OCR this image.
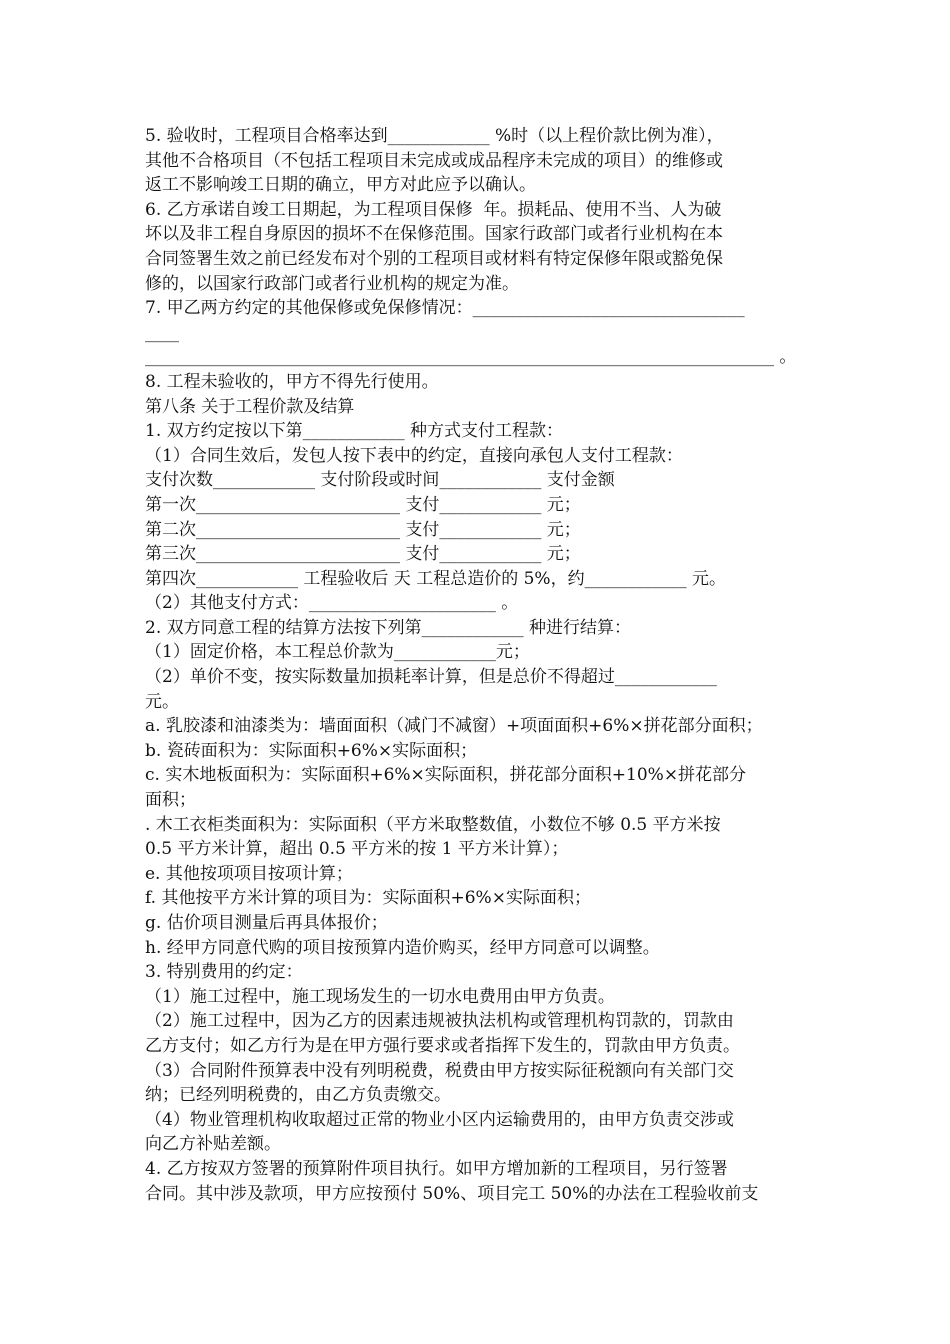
5. 验收时，工程项目合格率达到____________ %时（以上程价款比例为准），
其他不合格项目（不包括工程项目未完成或成品程序未完成的项目）的维修或
返工不影响竣工日期的确立，甲方对此应予以确认。
6. 乙方承诺自竣工日期起，为工程项目保修  年。损耗品、使用不当、人为破
坏以及非工程自身原因的损坏不在保修范围。国家行政部门或者行业机构在本
合同签署生效之前已经发布对个别的工程项目或材料有特定保修年限或豁免保
修的，以国家行政部门或者行业机构的规定为准。
7. 甲乙两方约定的其他保修或免保修情况：________________________________
____
__________________________________________________________________________ 。
8. 工程未验收的，甲方不得先行使用。
第八条 关于工程价款及结算
1. 双方约定按以下第____________ 种方式支付工程款：
（1）合同生效后，发包人按下表中的约定，直接向承包人支付工程款：
支付次数____________ 支付阶段或时间____________ 支付金额
第一次________________________ 支付____________ 元；
第二次________________________ 支付____________ 元；
第三次________________________ 支付____________ 元；
第四次____________ 工程验收后 天 工程总造价的 5%，约____________ 元。
（2）其他支付方式：______________________ 。
2. 双方同意工程的结算方法按下列第____________ 种进行结算：
（1）固定价格，本工程总价款为____________元；
（2）单价不变，按实际数量加损耗率计算，但是总价不得超过____________
元。
a. 乳胶漆和油漆类为：墙面面积（减门不减窗）+项面面积+6%×拼花部分面积；
b. 瓷砖面积为：实际面积+6%×实际面积；
c. 实木地板面积为：实际面积+6%×实际面积，拼花部分面积+10%×拼花部分
面积；
. 木工衣柜类面积为：实际面积（平方米取整数值，小数位不够 0.5 平方米按
0.5 平方米计算，超出 0.5 平方米的按 1 平方米计算）；
e. 其他按项项目按项计算；
f. 其他按平方米计算的项目为：实际面积+6%×实际面积；
g. 估价项目测量后再具体报价；
h. 经甲方同意代购的项目按预算内造价购买，经甲方同意可以调整。
3. 特别费用的约定：
（1）施工过程中，施工现场发生的一切水电费用由甲方负责。
（2）施工过程中，因为乙方的因素违规被执法机构或管理机构罚款的，罚款由
乙方支付；如乙方行为是在甲方强行要求或者指挥下发生的，罚款由甲方负责。
（3）合同附件预算表中没有列明税费，税费由甲方按实际征税额向有关部门交
纳；已经列明税费的，由乙方负责缴交。
（4）物业管理机构收取超过正常的物业小区内运输费用的，由甲方负责交涉或
向乙方补贴差额。
4. 乙方按双方签署的预算附件项目执行。如甲方增加新的工程项目，另行签署
合同。其中涉及款项，甲方应按预付 50%、项目完工 50%的办法在工程验收前支
